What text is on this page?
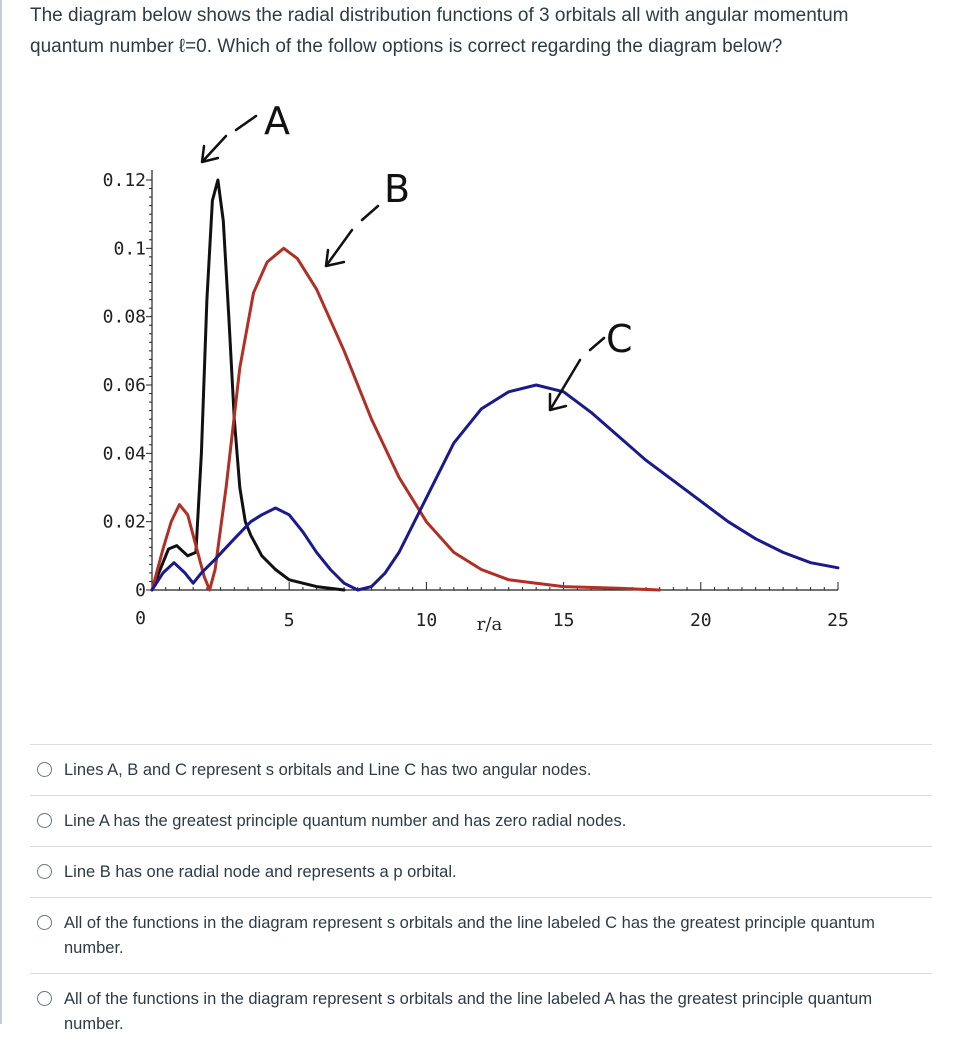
The diagram below shows the radial distribution functions of 3 orbitals all with angular momentum

quantum number ℓ=0. Which of the follow options is correct regarding the diagram below?

0
0.02
0.04
0.06
0.08
0.1
0.12
0	5	10	15	20	25
r/a
A
B
C
Lines A, B and C represent s orbitals and Line C has two angular nodes.
Line A has the greatest principle quantum number and has zero radial nodes.
Line B has one radial node and represents a p orbital.
All of the functions in the diagram represent s orbitals and the line labeled C has the greatest principle quantum number.
All of the functions in the diagram represent s orbitals and the line labeled A has the greatest principle quantum number.
